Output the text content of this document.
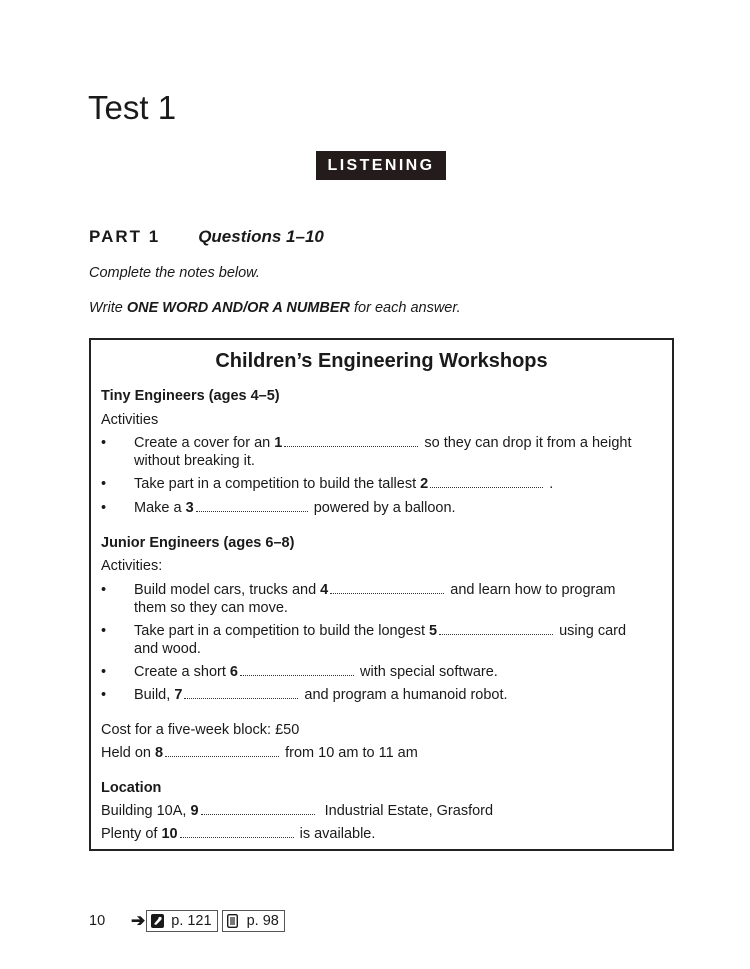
Test 1
LISTENING
PART 1 Questions 1–10
Complete the notes below.
Write ONE WORD AND/OR A NUMBER for each answer.
Children’s Engineering Workshops
Tiny Engineers (ages 4–5)
Activities
•	Create a cover for an 1	so they can drop it from a height
without breaking it.
•	Take part in a competition to build the tallest 2	.
•	Make a 3	powered by a balloon.
Junior Engineers (ages 6–8)
Activities:
•	Build model cars, trucks and 4	and learn how to program
them so they can move.
•	Take part in a competition to build the longest 5	using card
and wood.
•	Create a short 6	with special software.
•	Build, 7	and program a humanoid robot.
Cost for a five-week block: £50
Held on 8	from 10 am to 11 am
Location
Building 10A, 9	Industrial Estate, Grasford
Plenty of 10	is available.
10	➔ p. 121 p. 98
